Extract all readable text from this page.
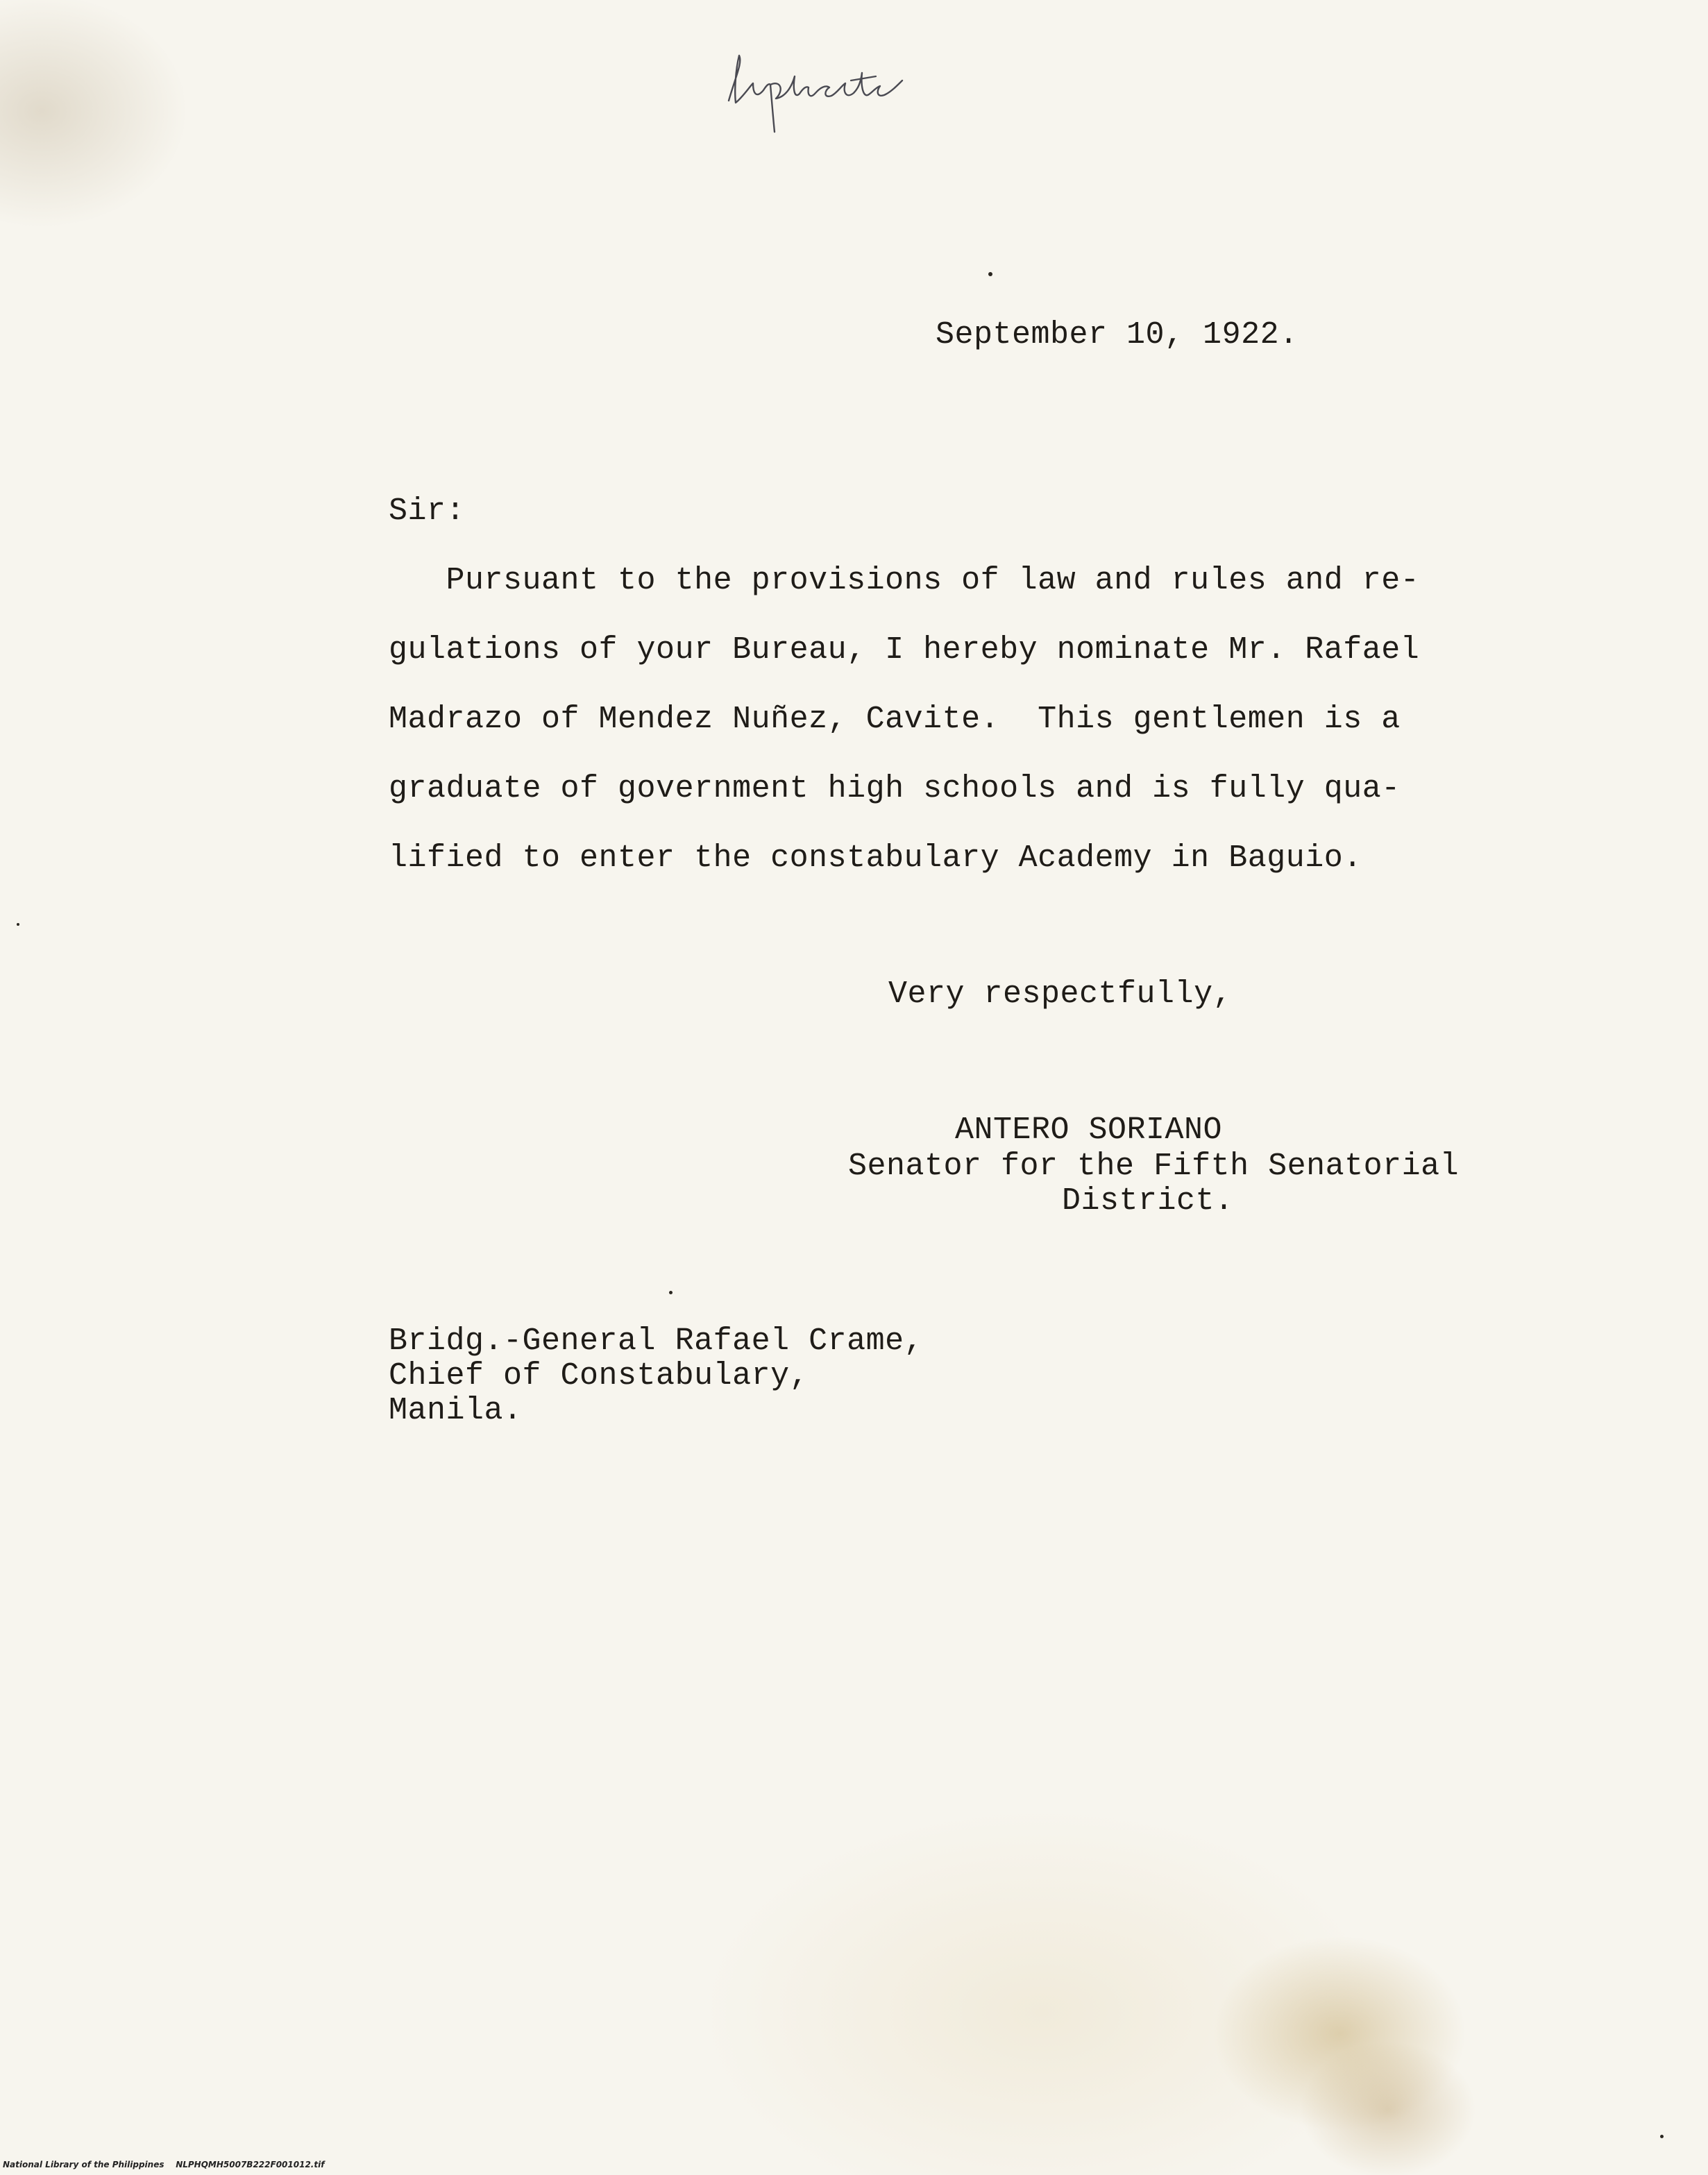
September 10, 1922.
Sir:
Pursuant to the provisions of law and rules and re-
gulations of your Bureau, I hereby nominate Mr. Rafael
Madrazo of Mendez Nuñez, Cavite.  This gentlemen is a
graduate of government high schools and is fully qua-
lified to enter the constabulary Academy in Baguio.
Very respectfully,
ANTERO SORIANO
Senator for the Fifth Senatorial
District.
Bridg.-General Rafael Crame,
Chief of Constabulary,
Manila.
National Library of the Philippines    NLPHQMH5007B222F001012.tif
